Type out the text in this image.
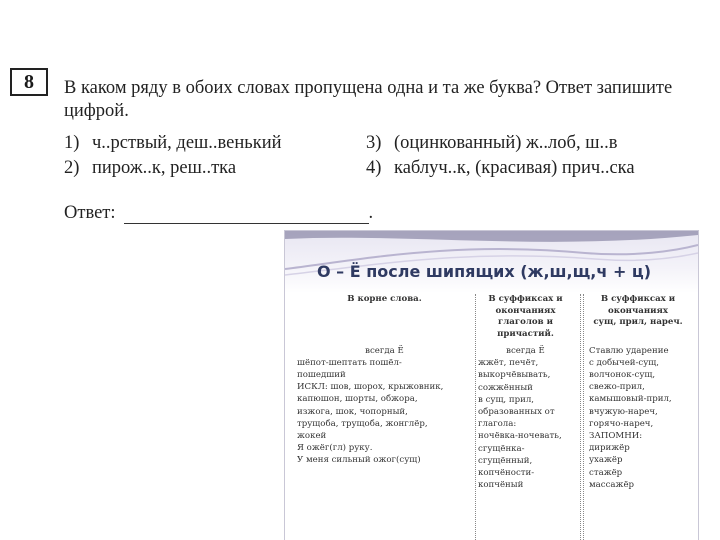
8 В каком ряду в обоих словах пропущена одна и та же буква? Ответ запишите цифрой.
1) ч..рствый, деш..венький
2) пирож..к, реш..тка
3) (оцинкованный) ж..лоб, ш..в
4) каблуч..к, (красивая) прич..ска
Ответ:	.
О – Ё после шипящих (ж,ш,щ,ч + ц)
В корне слова.
всегда Ё
шёпот-шептать пошёл-
пошедший
ИСКЛ: шов, шорох, крыжовник,
капюшон, шорты, обжора,
изжога, шок, чопорный,
трущоба, трущоба, жонглёр,
жокей
Я ожёг(гл) руку.
У меня сильный ожог(сущ)
В суффиксах и
окончаниях
глаголов и
причастий.
всегда Ё
жжёт, печёт,
выкорчёвывать,
сожжённый
в сущ, прил,
образованных от
глагола:
ночёвка-ночевать,
сгущёнка-
сгущённый,
копчёности-
копчёный
В суффиксах и
окончаниях
сущ, прил, нареч.
Ставлю ударение
с добычей-сущ,
волчонок-сущ,
свежо-прил,
камышовый-прил,
вчужую-нареч,
горячо-нареч,
ЗАПОМНИ:
дирижёр
ухажёр
стажёр
массажёр
